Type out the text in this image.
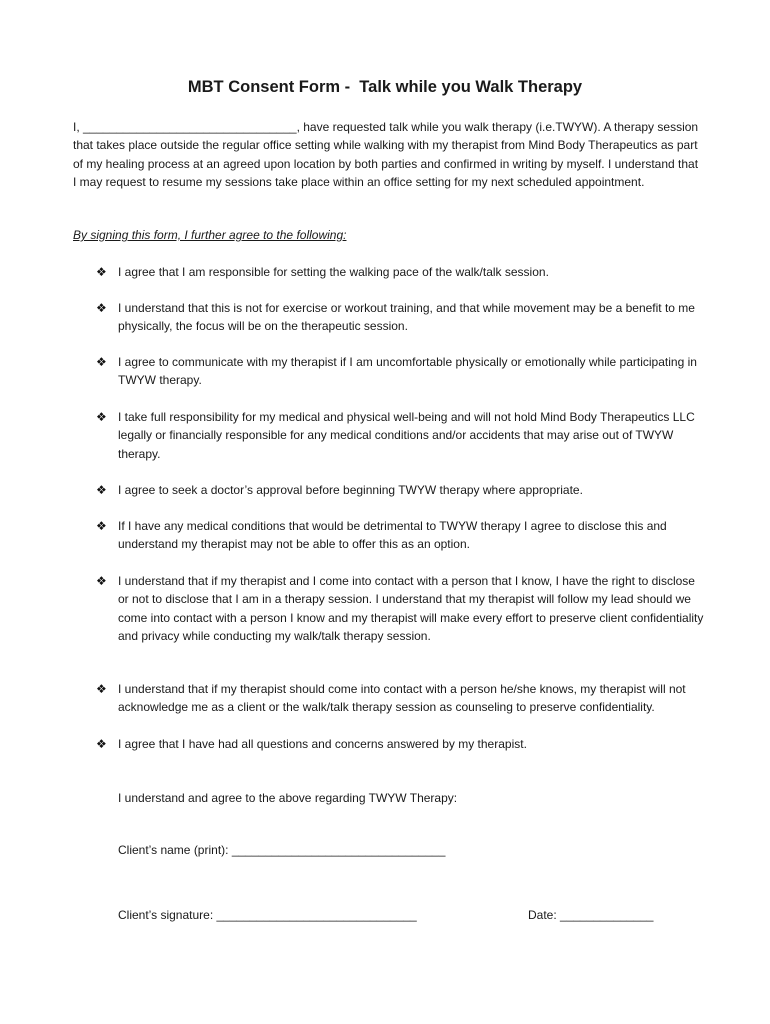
MBT Consent Form -  Talk while you Walk Therapy

I, ________________________________, have requested talk while you walk therapy (i.e.TWYW). A therapy session that takes place outside the regular office setting while walking with my therapist from Mind Body Therapeutics as part of my healing process at an agreed upon location by both parties and confirmed in writing by myself. I understand that I may request to resume my sessions take place within an office setting for my next scheduled appointment.

By signing this form, I further agree to the following:

❖ I agree that I am responsible for setting the walking pace of the walk/talk session.
❖ I understand that this is not for exercise or workout training, and that while movement may be a benefit to me physically, the focus will be on the therapeutic session.
❖ I agree to communicate with my therapist if I am uncomfortable physically or emotionally while participating in TWYW therapy.
❖ I take full responsibility for my medical and physical well-being and will not hold Mind Body Therapeutics LLC legally or financially responsible for any medical conditions and/or accidents that may arise out of TWYW therapy.
❖ I agree to seek a doctor’s approval before beginning TWYW therapy where appropriate.
❖ If I have any medical conditions that would be detrimental to TWYW therapy I agree to disclose this and understand my therapist may not be able to offer this as an option.
❖ I understand that if my therapist and I come into contact with a person that I know, I have the right to disclose or not to disclose that I am in a therapy session. I understand that my therapist will follow my lead should we come into contact with a person I know and my therapist will make every effort to preserve client confidentiality and privacy while conducting my walk/talk therapy session.
❖ I understand that if my therapist should come into contact with a person he/she knows, my therapist will not acknowledge me as a client or the walk/talk therapy session as counseling to preserve confidentiality.
❖ I agree that I have had all questions and concerns answered by my therapist.
I understand and agree to the above regarding TWYW Therapy:
Client’s name (print): ________________________________
Client’s signature: ______________________________	Date: ______________
